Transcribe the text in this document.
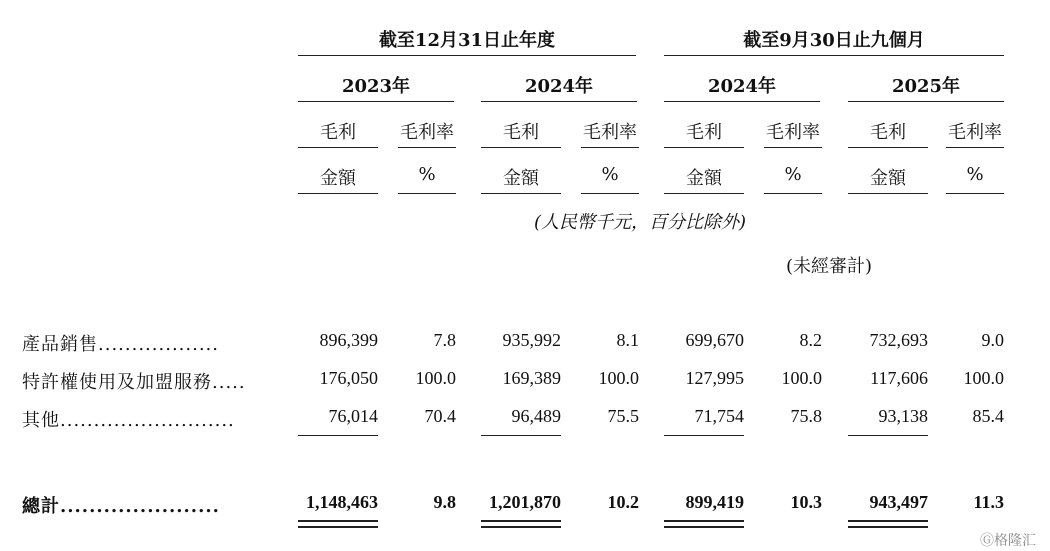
截至12月31日止年度	截至9月30日止九個月
2023年	2024年	2024年	2025年
毛利	毛利率	毛利	毛利率	毛利	毛利率	毛利	毛利率
金額	%	金額	%	金額	%	金額	%
(人民幣千元，百分比除外)
(未經審計)
產品銷售..................	896,399	7.8	935,992	8.1	699,670	8.2	732,693	9.0
特許權使用及加盟服務.....	176,050	100.0	169,389	100.0	127,995	100.0	117,606	100.0
其他..........................	76,014	70.4	96,489	75.5	71,754	75.8	93,138	85.4
總計......................	1,148,463	9.8	1,201,870	10.2	899,419	10.3	943,497	11.3
Ⓖ格隆汇
